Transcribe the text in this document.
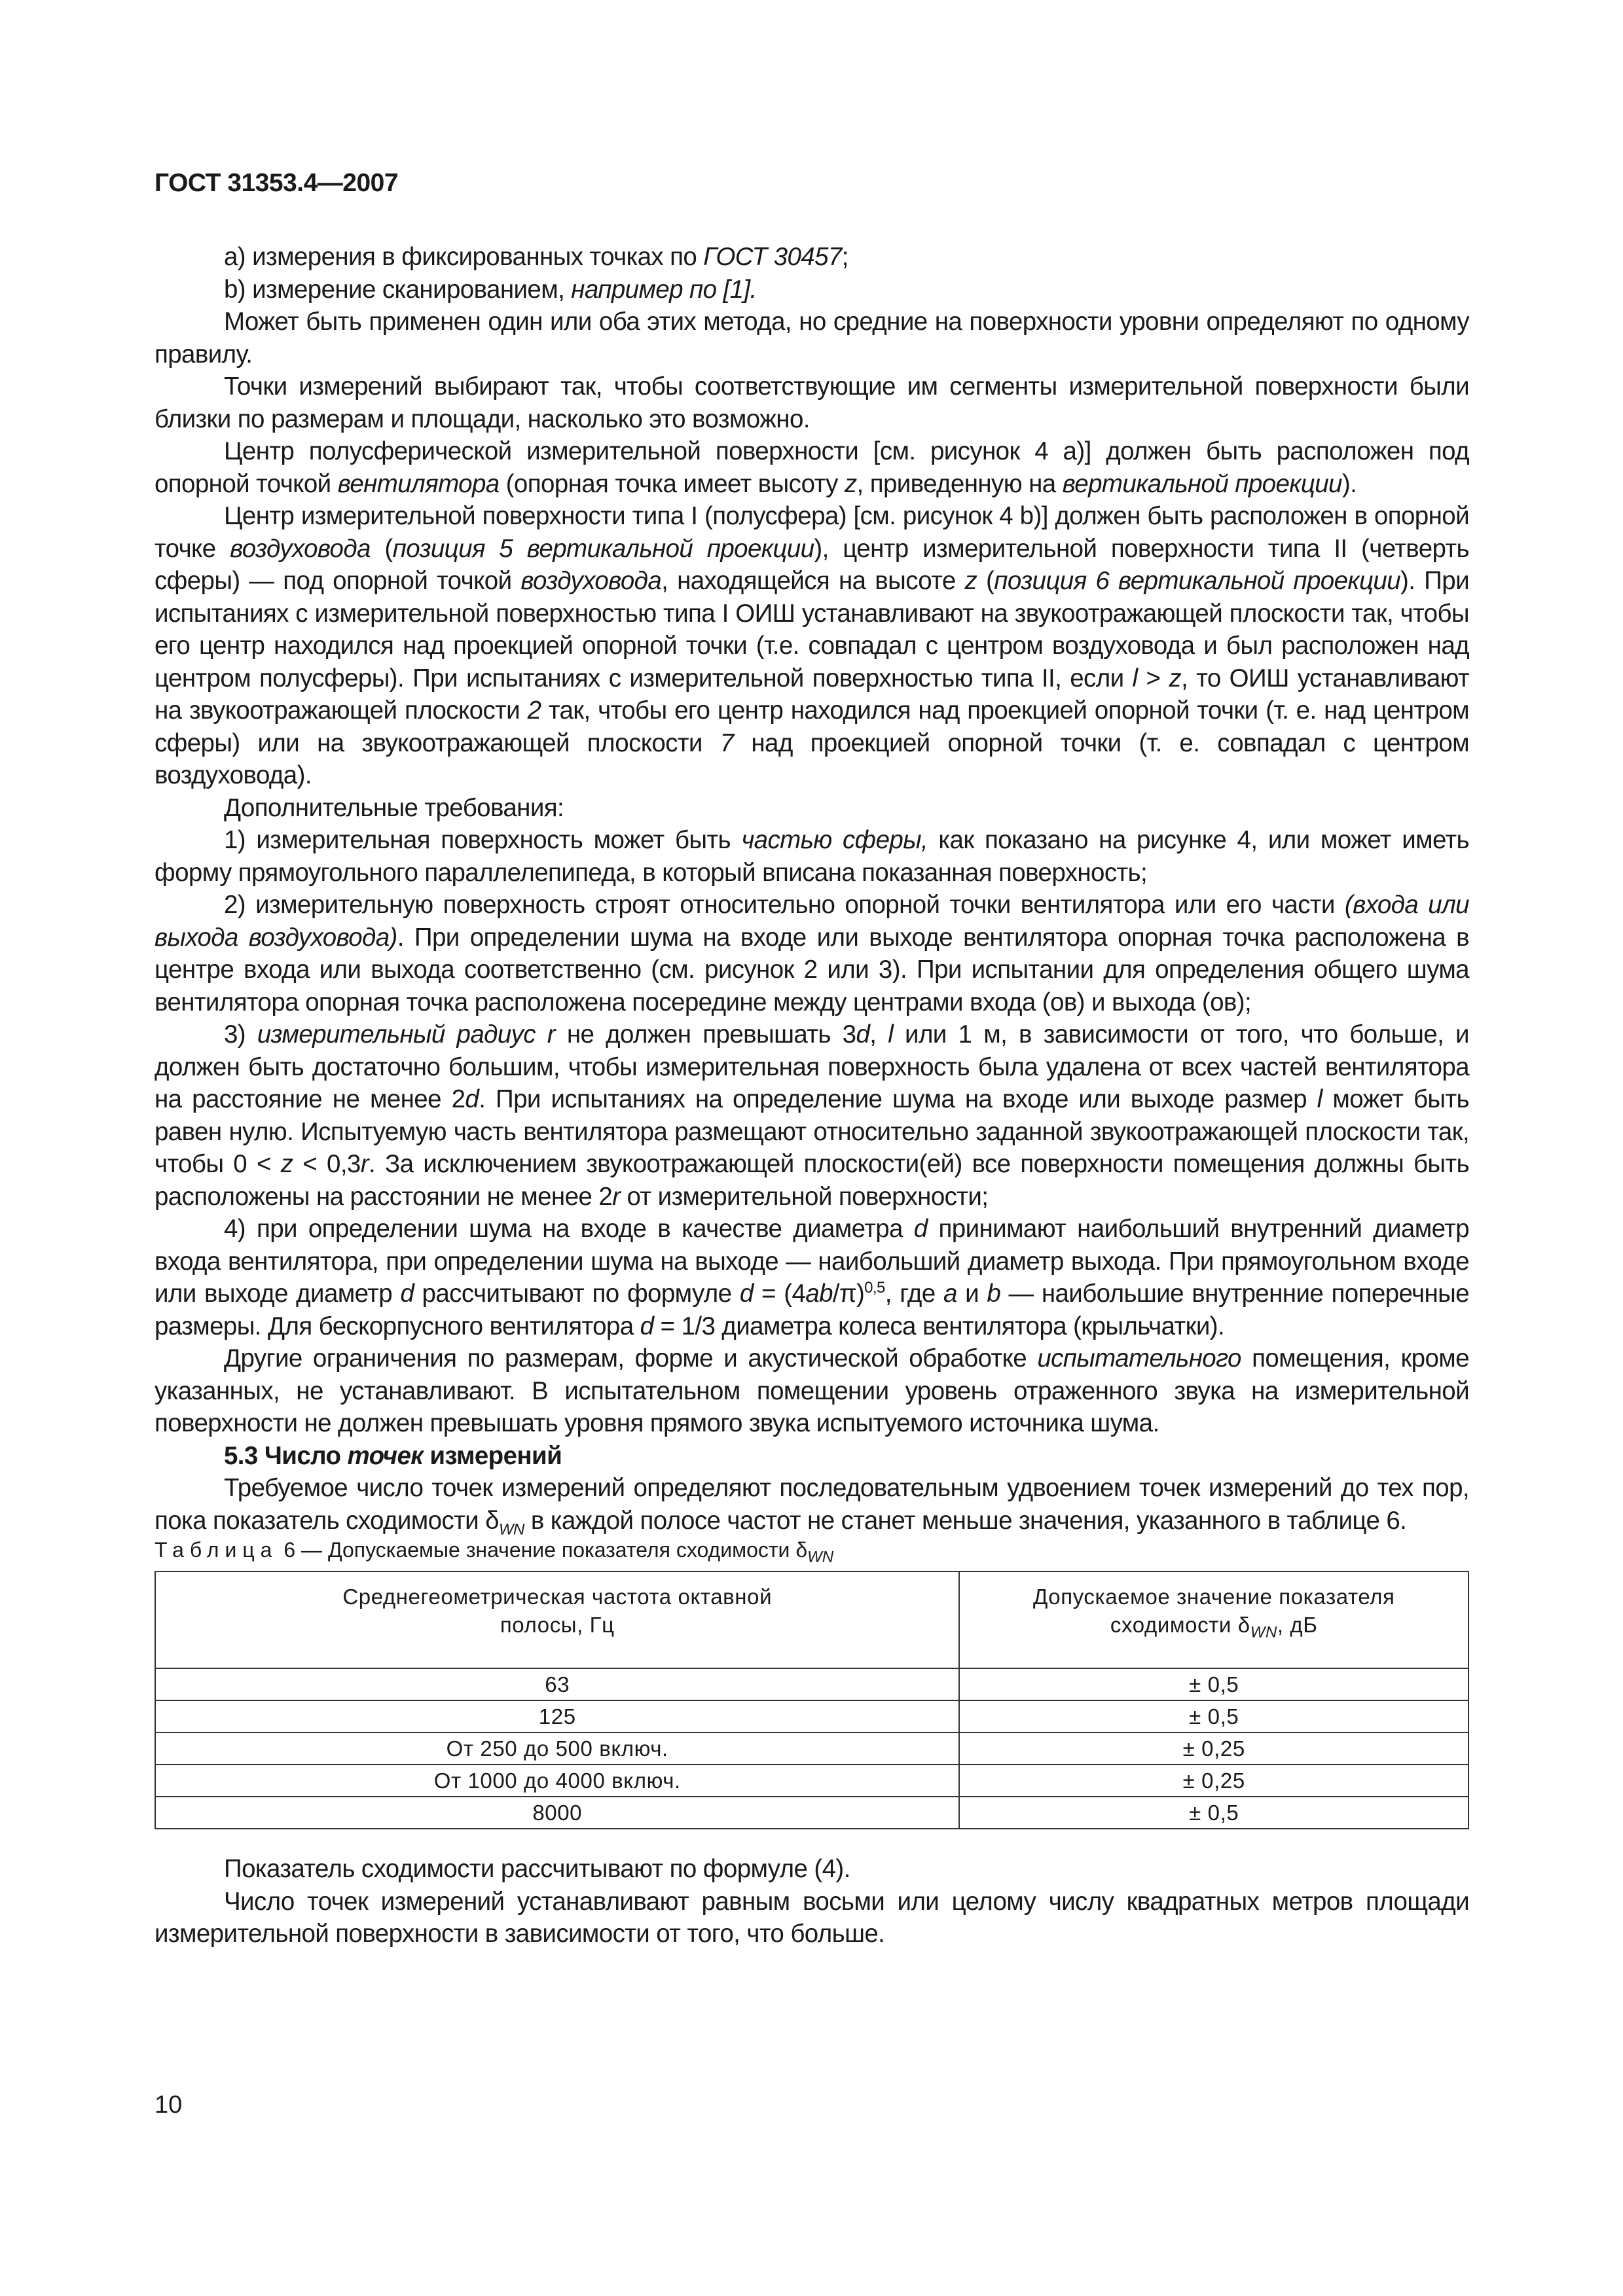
ГОСТ 31353.4—2007

а) измерения в фиксированных точках по ГОСТ 30457;

b) измерение сканированием, например по [1].

Может быть применен один или оба этих метода, но средние на поверхности уровни определяют по одному правилу.

Точки измерений выбирают так, чтобы соответствующие им сегменты измерительной поверхности были близки по размерам и площади, насколько это возможно.

Центр полусферической измерительной поверхности [см. рисунок 4 а)] должен быть расположен под опорной точкой вентилятора (опорная точка имеет высоту z, приведенную на вертикальной проекции).

Центр измерительной поверхности типа I (полусфера) [см. рисунок 4 b)] должен быть расположен в опорной точке воздуховода (позиция 5 вертикальной проекции), центр измерительной поверхности типа II (четверть сферы) — под опорной точкой воздуховода, находящейся на высоте z (позиция 6 вертикальной проекции). При испытаниях с измерительной поверхностью типа I ОИШ устанавливают на звукоотражающей плоскости так, чтобы его центр находился над проекцией опорной точки (т.е. совпадал с центром воздуховода и был расположен над центром полусферы). При испытаниях с измерительной поверхностью типа II, если l > z, то ОИШ устанавливают на звукоотражающей плоскости 2 так, чтобы его центр находился над проекцией опорной точки (т. е. над центром сферы) или на звукоотражающей плоскости 7 над проекцией опорной точки (т. е. совпадал с центром воздуховода).

Дополнительные требования:

1) измерительная поверхность может быть частью сферы, как показано на рисунке 4, или может иметь форму прямоугольного параллелепипеда, в который вписана показанная поверхность;

2) измерительную поверхность строят относительно опорной точки вентилятора или его части (входа или выхода воздуховода). При определении шума на входе или выходе вентилятора опорная точка расположена в центре входа или выхода соответственно (см. рисунок 2 или 3). При испытании для определения общего шума вентилятора опорная точка расположена посередине между центрами входа (ов) и выхода (ов);

3) измерительный радиус r не должен превышать 3d, l или 1 м, в зависимости от того, что больше, и должен быть достаточно большим, чтобы измерительная поверхность была удалена от всех частей вентилятора на расстояние не менее 2d. При испытаниях на определение шума на входе или выходе размер l может быть равен нулю. Испытуемую часть вентилятора размещают относительно заданной звукоотражающей плоскости так, чтобы 0 < z < 0,3r. За исключением звукоотражающей плоскости(ей) все поверхности помещения должны быть расположены на расстоянии не менее 2r от измерительной поверхности;

4) при определении шума на входе в качестве диаметра d принимают наибольший внутренний диаметр входа вентилятора, при определении шума на выходе — наибольший диаметр выхода. При прямоугольном входе или выходе диаметр d рассчитывают по формуле $d = (4ab/\pi)^{0,5}$, где a и b — наибольшие внутренние поперечные размеры. Для бескорпусного вентилятора d = 1/3 диаметра колеса вентилятора (крыльчатки).

Другие ограничения по размерам, форме и акустической обработке испытательного помещения, кроме указанных, не устанавливают. В испытательном помещении уровень отраженного звука на измерительной поверхности не должен превышать уровня прямого звука испытуемого источника шума.

5.3 Число точек измерений

Требуемое число точек измерений определяют последовательным удвоением точек измерений до тех пор, пока показатель сходимости $\delta_{WN}$ в каждой полосе частот не станет меньше значения, указанного в таблице 6.

Таблица 6 — Допускаемые значение показателя сходимости $\delta_{WN}$

Среднегеометрическая частота октавной полосы, Гц	Допускаемое значение показателя сходимости $\delta_{WN}$, дБ

63	± 0,5
125	± 0,5
От 250 до 500 включ.	± 0,25
От 1000 до 4000 включ.	± 0,25
8000	± 0,5

Показатель сходимости рассчитывают по формуле (4).

Число точек измерений устанавливают равным восьми или целому числу квадратных метров площади измерительной поверхности в зависимости от того, что больше.

10
